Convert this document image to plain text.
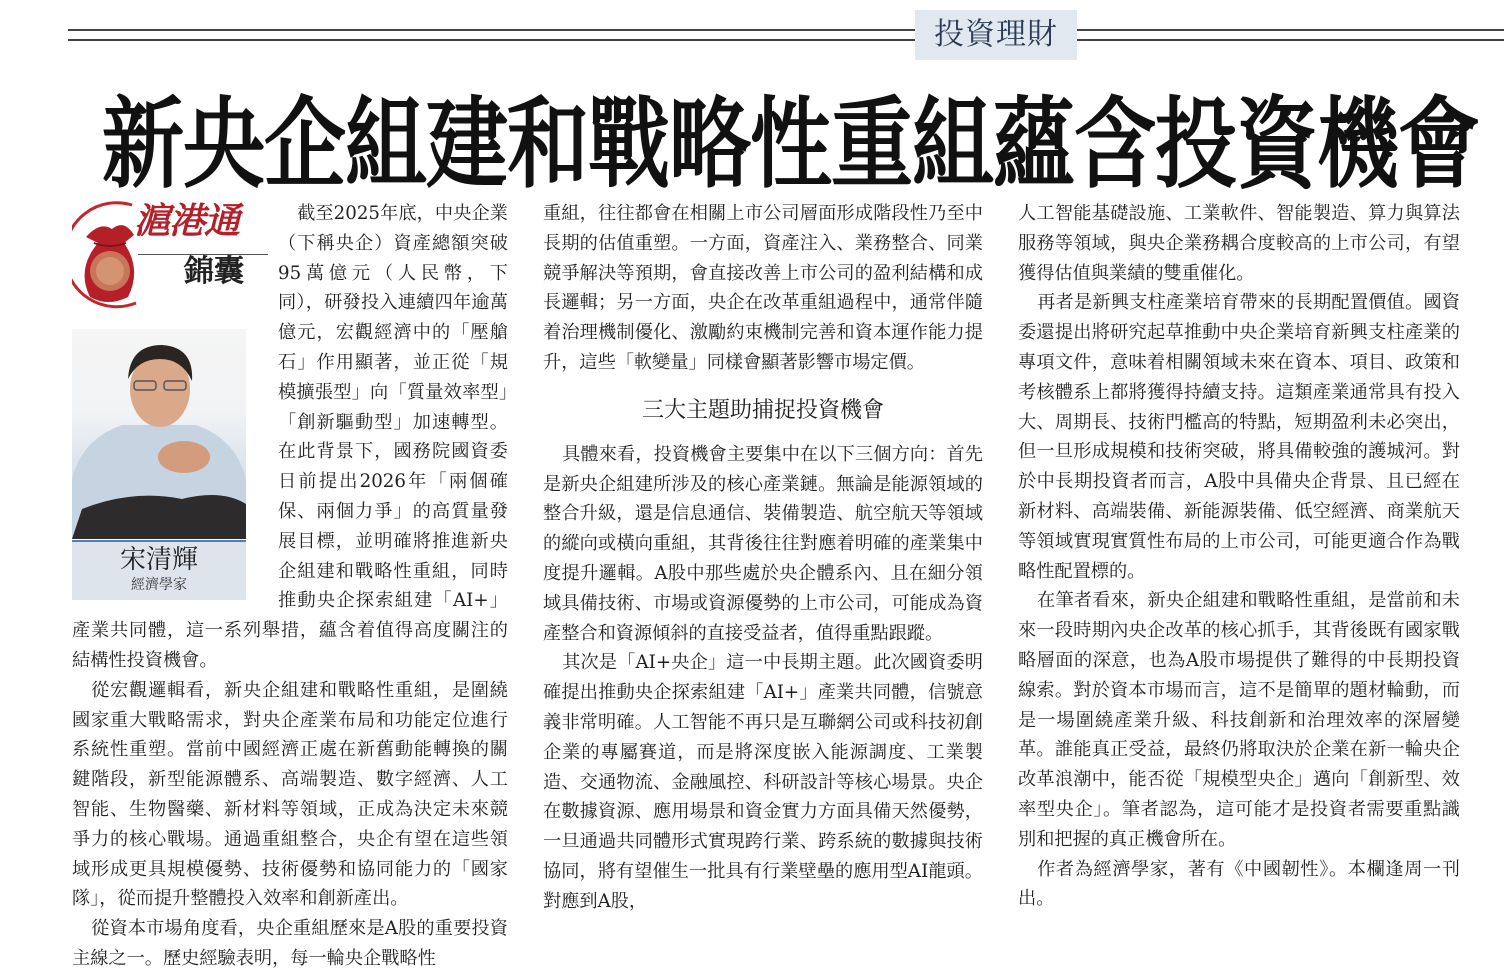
投資理財
新央企組建和戰略性重組蘊含投資機會
滬港通
錦囊
宋清輝
經濟學家

截至2025年底，中央企業（下稱央企）資產總額突破95萬億元（人民幣，下同），研發投入連續四年逾萬億元，宏觀經濟中的「壓艙石」作用顯著，並正從「規模擴張型」向「質量效率型」「創新驅動型」加速轉型。在此背景下，國務院國資委日前提出2026年「兩個確保、兩個力爭」的高質量發展目標，並明確將推進新央企組建和戰略性重組，同時推動央企探索組建「AI+」產業共同體，這一系列舉措，蘊含着值得高度關注的結構性投資機會。

從宏觀邏輯看，新央企組建和戰略性重組，是圍繞國家重大戰略需求，對央企產業布局和功能定位進行系統性重塑。當前中國經濟正處在新舊動能轉換的關鍵階段，新型能源體系、高端製造、數字經濟、人工智能、生物醫藥、新材料等領域，正成為決定未來競爭力的核心戰場。通過重組整合，央企有望在這些領域形成更具規模優勢、技術優勢和協同能力的「國家隊」，從而提升整體投入效率和創新產出。

從資本市場角度看，央企重組歷來是A股的重要投資主線之一。歷史經驗表明，每一輪央企戰略性

重組，往往都會在相關上市公司層面形成階段性乃至中長期的估值重塑。一方面，資產注入、業務整合、同業競爭解決等預期，會直接改善上市公司的盈利結構和成長邏輯；另一方面，央企在改革重組過程中，通常伴隨着治理機制優化、激勵約束機制完善和資本運作能力提升，這些「軟變量」同樣會顯著影響市場定價。

三大主題助捕捉投資機會

具體來看，投資機會主要集中在以下三個方向：首先是新央企組建所涉及的核心產業鏈。無論是能源領域的整合升級，還是信息通信、裝備製造、航空航天等領域的縱向或橫向重組，其背後往往對應着明確的產業集中度提升邏輯。A股中那些處於央企體系內、且在細分領域具備技術、市場或資源優勢的上市公司，可能成為資產整合和資源傾斜的直接受益者，值得重點跟蹤。

其次是「AI+央企」這一中長期主題。此次國資委明確提出推動央企探索組建「AI+」產業共同體，信號意義非常明確。人工智能不再只是互聯網公司或科技初創企業的專屬賽道，而是將深度嵌入能源調度、工業製造、交通物流、金融風控、科研設計等核心場景。央企在數據資源、應用場景和資金實力方面具備天然優勢，一旦通過共同體形式實現跨行業、跨系統的數據與技術協同，將有望催生一批具有行業壁壘的應用型AI龍頭。對應到A股，

人工智能基礎設施、工業軟件、智能製造、算力與算法服務等領域，與央企業務耦合度較高的上市公司，有望獲得估值與業績的雙重催化。

再者是新興支柱產業培育帶來的長期配置價值。國資委還提出將研究起草推動中央企業培育新興支柱產業的專項文件，意味着相關領域未來在資本、項目、政策和考核體系上都將獲得持續支持。這類產業通常具有投入大、周期長、技術門檻高的特點，短期盈利未必突出，但一旦形成規模和技術突破，將具備較強的護城河。對於中長期投資者而言，A股中具備央企背景、且已經在新材料、高端裝備、新能源裝備、低空經濟、商業航天等領域實現實質性布局的上市公司，可能更適合作為戰略性配置標的。

在筆者看來，新央企組建和戰略性重組，是當前和未來一段時期內央企改革的核心抓手，其背後既有國家戰略層面的深意，也為A股市場提供了難得的中長期投資線索。對於資本市場而言，這不是簡單的題材輪動，而是一場圍繞產業升級、科技創新和治理效率的深層變革。誰能真正受益，最終仍將取決於企業在新一輪央企改革浪潮中，能否從「規模型央企」邁向「創新型、效率型央企」。筆者認為，這可能才是投資者需要重點識別和把握的真正機會所在。

作者為經濟學家，著有《中國韌性》。本欄逢周一刊出。
